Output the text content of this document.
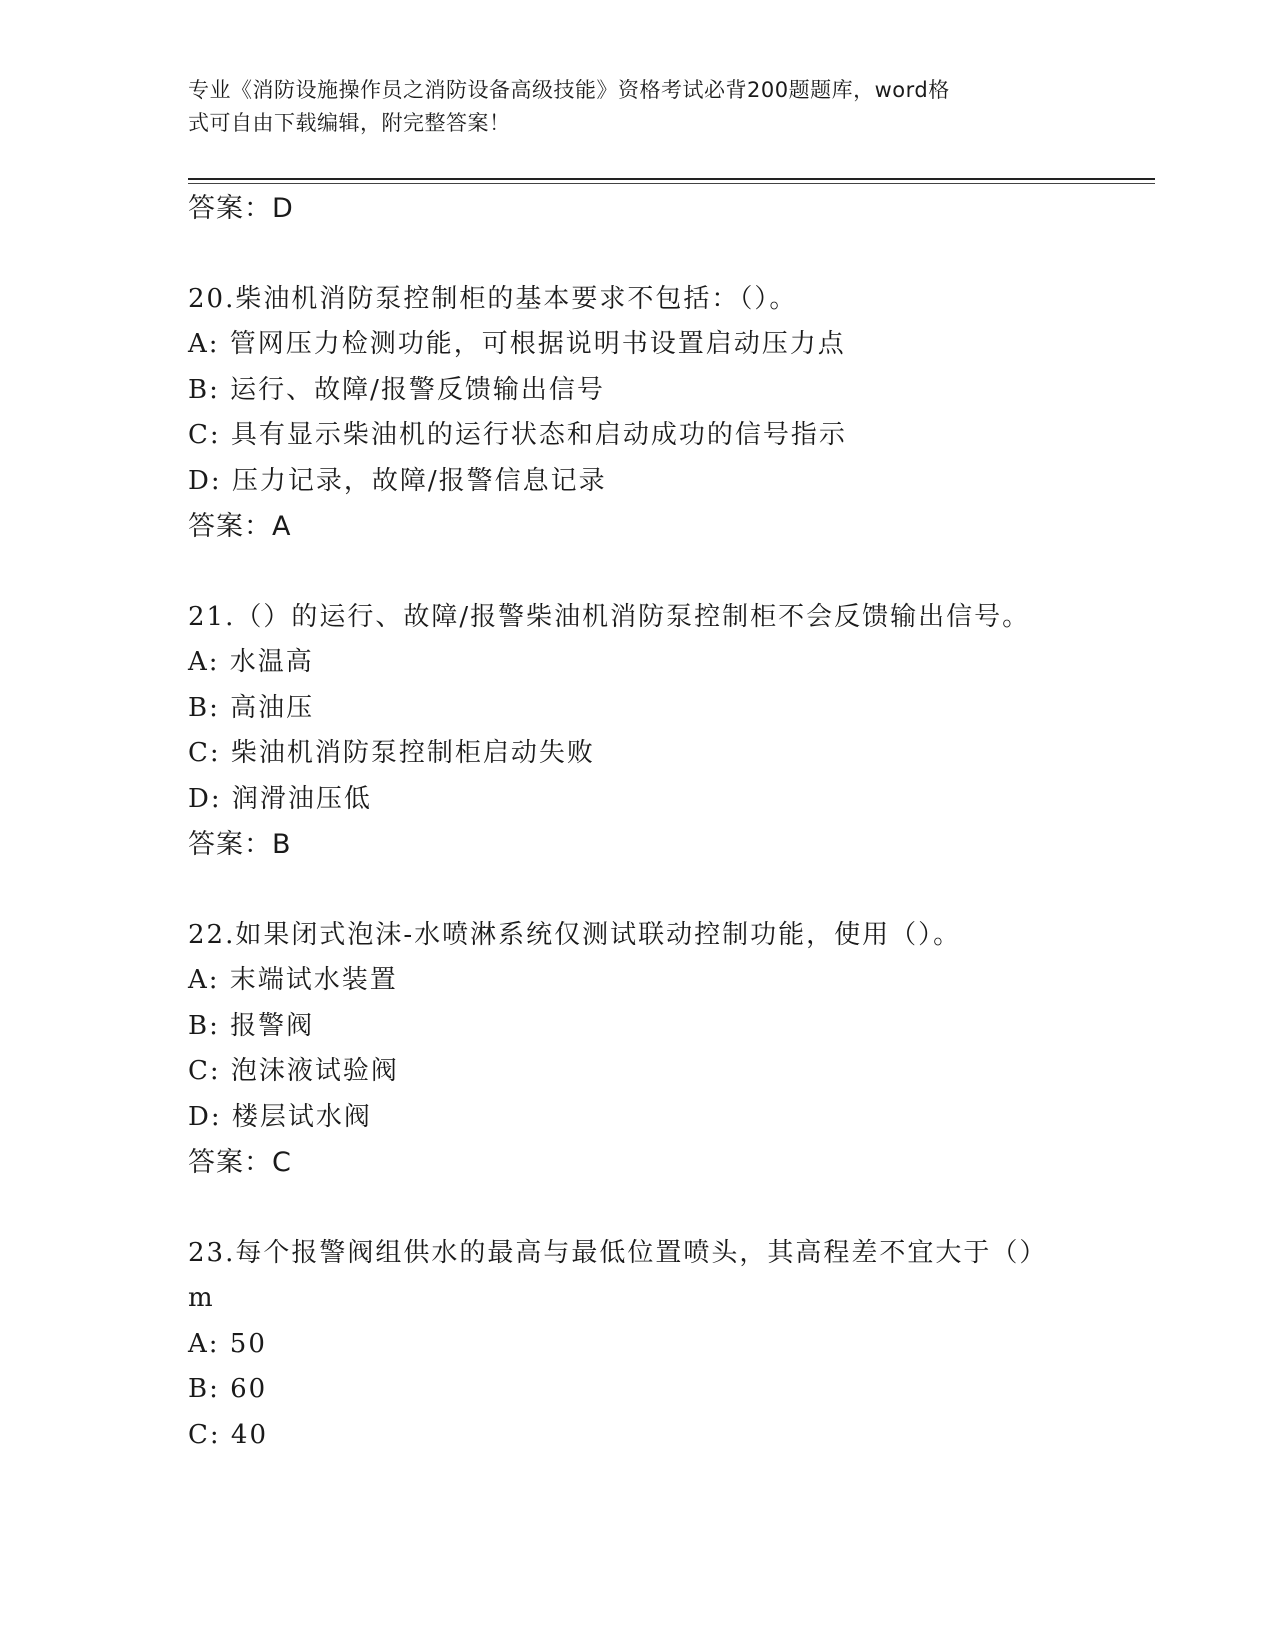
专业《消防设施操作员之消防设备高级技能》资格考试必背200题题库，word格
式可自由下载编辑，附完整答案！
答案：D
20.柴油机消防泵控制柜的基本要求不包括：（）。
A: 管网压力检测功能，可根据说明书设置启动压力点
B: 运行、故障/报警反馈输出信号
C: 具有显示柴油机的运行状态和启动成功的信号指示
D: 压力记录，故障/报警信息记录
答案：A
21.（）的运行、故障/报警柴油机消防泵控制柜不会反馈输出信号。
A: 水温高
B: 高油压
C: 柴油机消防泵控制柜启动失败
D: 润滑油压低
答案：B
22.如果闭式泡沫-水喷淋系统仅测试联动控制功能，使用（）。
A: 末端试水装置
B: 报警阀
C: 泡沫液试验阀
D: 楼层试水阀
答案：C
23.每个报警阀组供水的最高与最低位置喷头，其高程差不宜大于（）
m
A: 50
B: 60
C: 40
